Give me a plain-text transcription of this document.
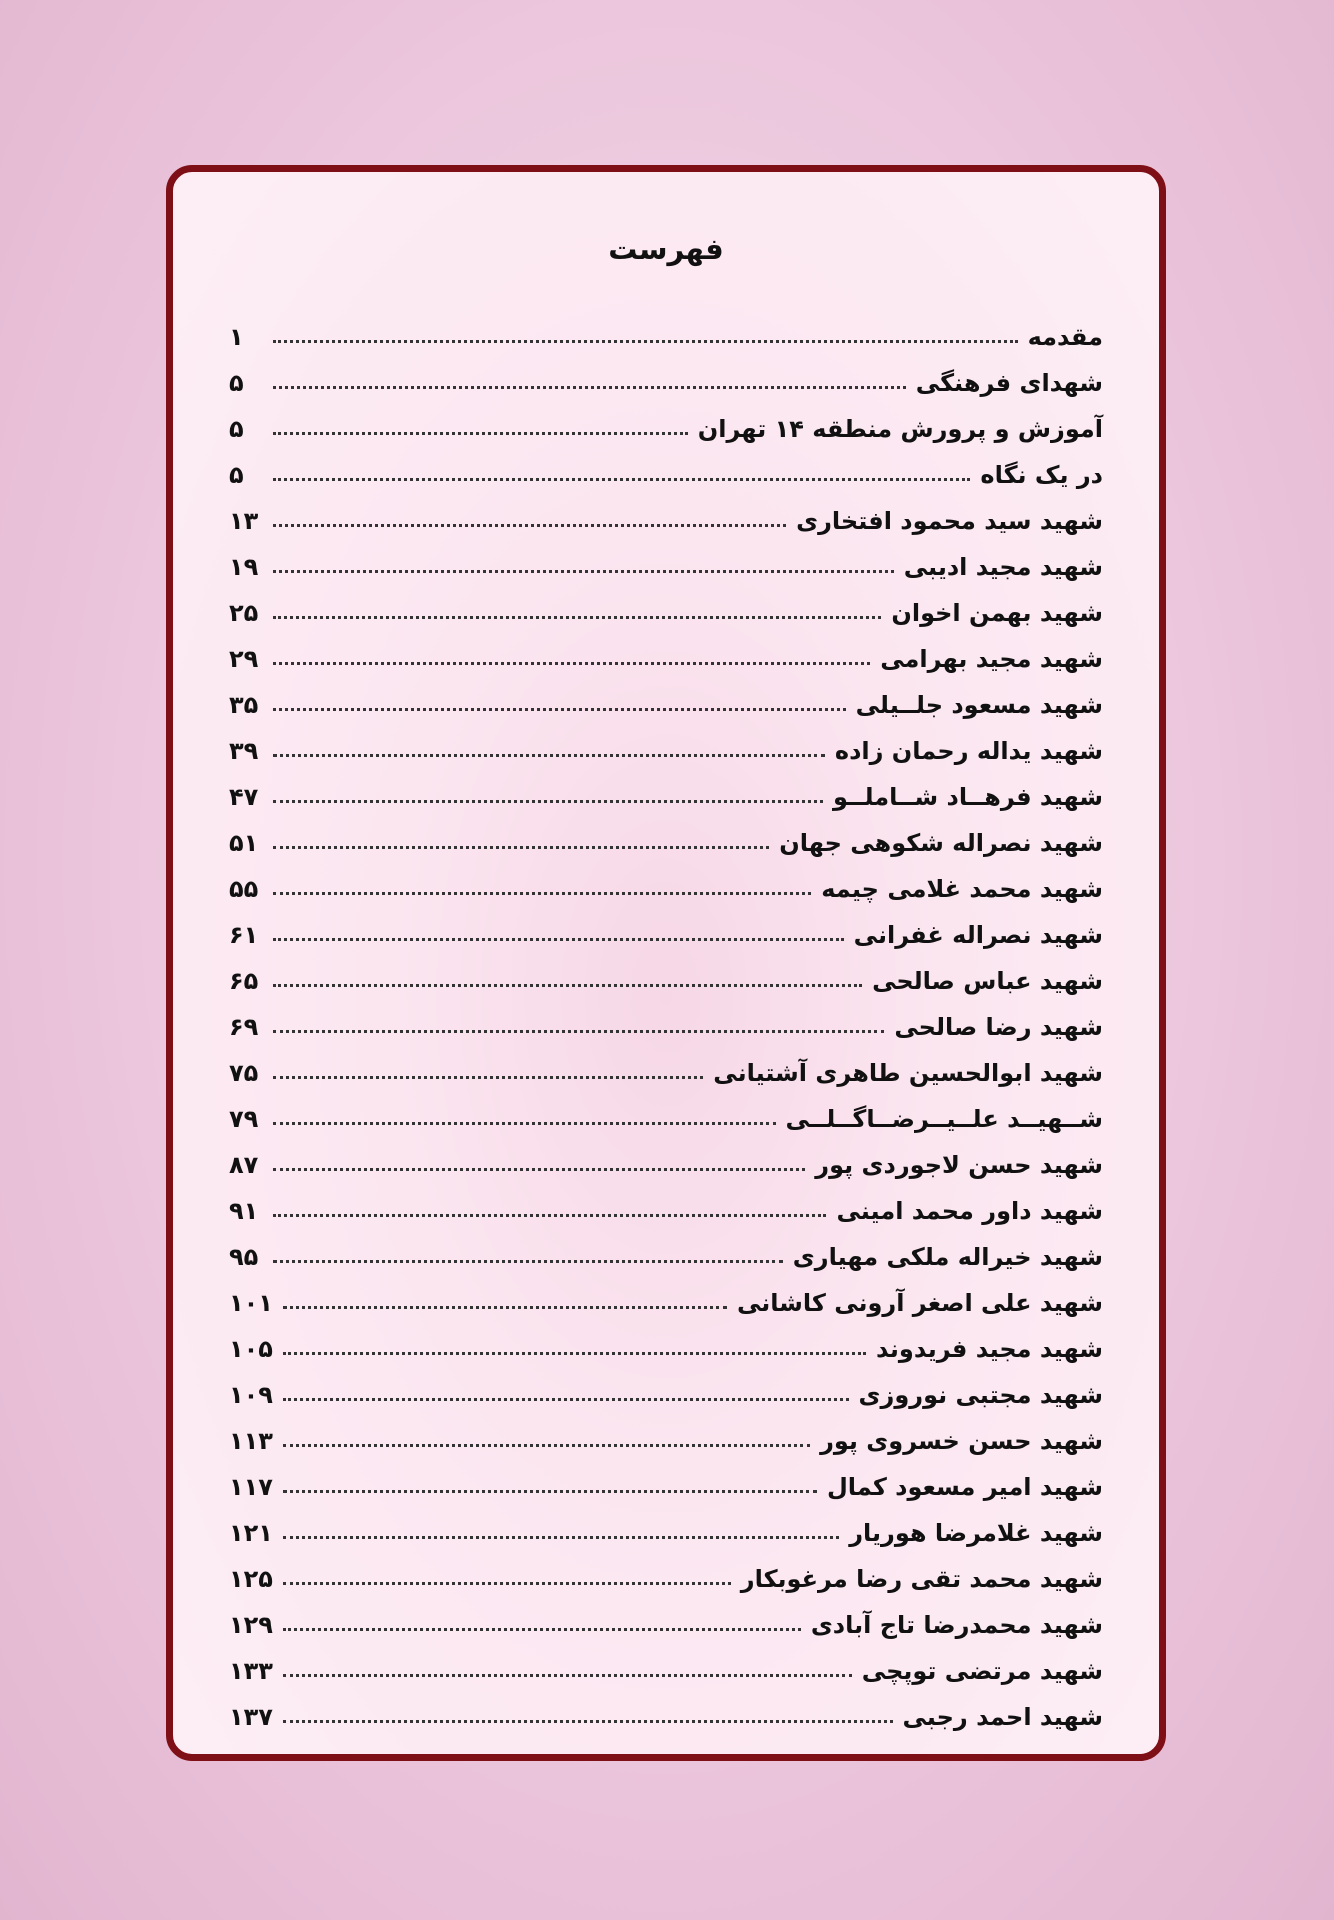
فهرست
مقدمه
۱
شهدای فرهنگی
۵
آموزش و پرورش منطقه ۱۴ تهران
۵
در یک نگاه
۵
شهید سید محمود افتخاری
۱۳
شهید مجید ادیبی
۱۹
شهید بهمن اخوان
۲۵
شهید مجید بهرامی
۲۹
شهید مسعود جلــیلی
۳۵
شهید یداله رحمان زاده
۳۹
شهید فرهــاد شــاملــو
۴۷
شهید نصراله شکوهی جهان
۵۱
شهید محمد غلامی چیمه
۵۵
شهید نصراله غفرانی
۶۱
شهید عباس صالحی
۶۵
شهید رضا صالحی
۶۹
شهید ابوالحسین طاهری آشتیانی
۷۵
شــهیــد علــیــرضــاگــلــی
۷۹
شهید حسن لاجوردی پور
۸۷
شهید داور محمد امینی
۹۱
شهید خیراله ملکی مهیاری
۹۵
شهید علی اصغر آرونی کاشانی
۱۰۱
شهید مجید فریدوند
۱۰۵
شهید مجتبی نوروزی
۱۰۹
شهید حسن خسروی پور
۱۱۳
شهید امیر مسعود کمال
۱۱۷
شهید غلامرضا هوریار
۱۲۱
شهید محمد تقی رضا مرغوبکار
۱۲۵
شهید محمدرضا تاج آبادی
۱۲۹
شهید مرتضی توپچی
۱۳۳
شهید احمد رجبی
۱۳۷
